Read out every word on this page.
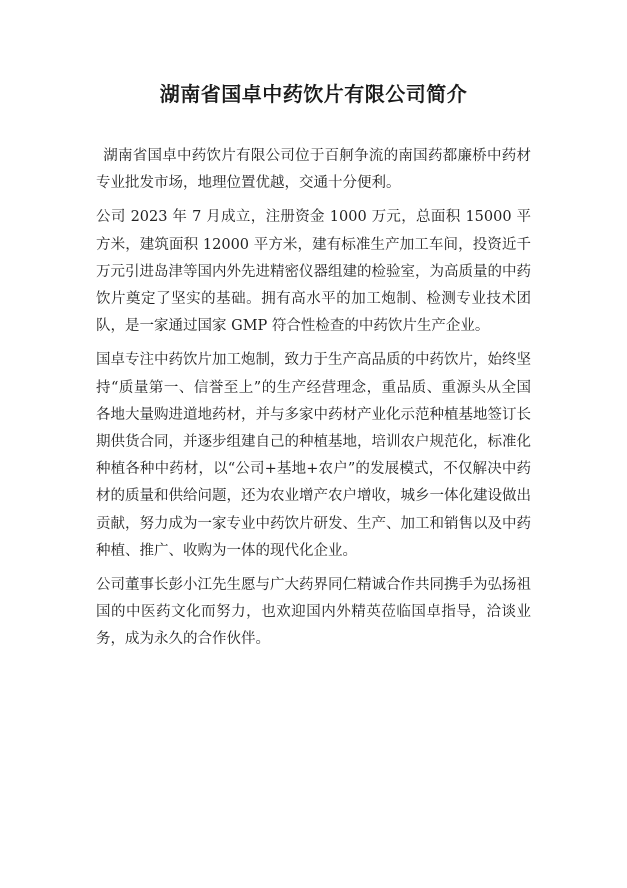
湖南省国卓中药饮片有限公司简介

湖南省国卓中药饮片有限公司位于百舸争流的南国药都廉桥中药材专业批发市场，地理位置优越，交通十分便利。

公司 2023 年 7 月成立，注册资金 1000 万元，总面积 15000 平方米，建筑面积 12000 平方米，建有标准生产加工车间，投资近千万元引进岛津等国内外先进精密仪器组建的检验室，为高质量的中药饮片奠定了坚实的基础。拥有高水平的加工炮制、检测专业技术团队，是一家通过国家 GMP 符合性检查的中药饮片生产企业。

国卓专注中药饮片加工炮制，致力于生产高品质的中药饮片，始终坚持“质量第一、信誉至上”的生产经营理念，重品质、重源头从全国各地大量购进道地药材，并与多家中药材产业化示范种植基地签订长期供货合同，并逐步组建自己的种植基地，培训农户规范化，标准化种植各种中药材，以“公司+基地+农户”的发展模式，不仅解决中药材的质量和供给问题，还为农业增产农户增收，城乡一体化建设做出贡献，努力成为一家专业中药饮片研发、生产、加工和销售以及中药种植、推广、收购为一体的现代化企业。

公司董事长彭小江先生愿与广大药界同仁精诚合作共同携手为弘扬祖国的中医药文化而努力，也欢迎国内外精英莅临国卓指导，洽谈业务，成为永久的合作伙伴。
